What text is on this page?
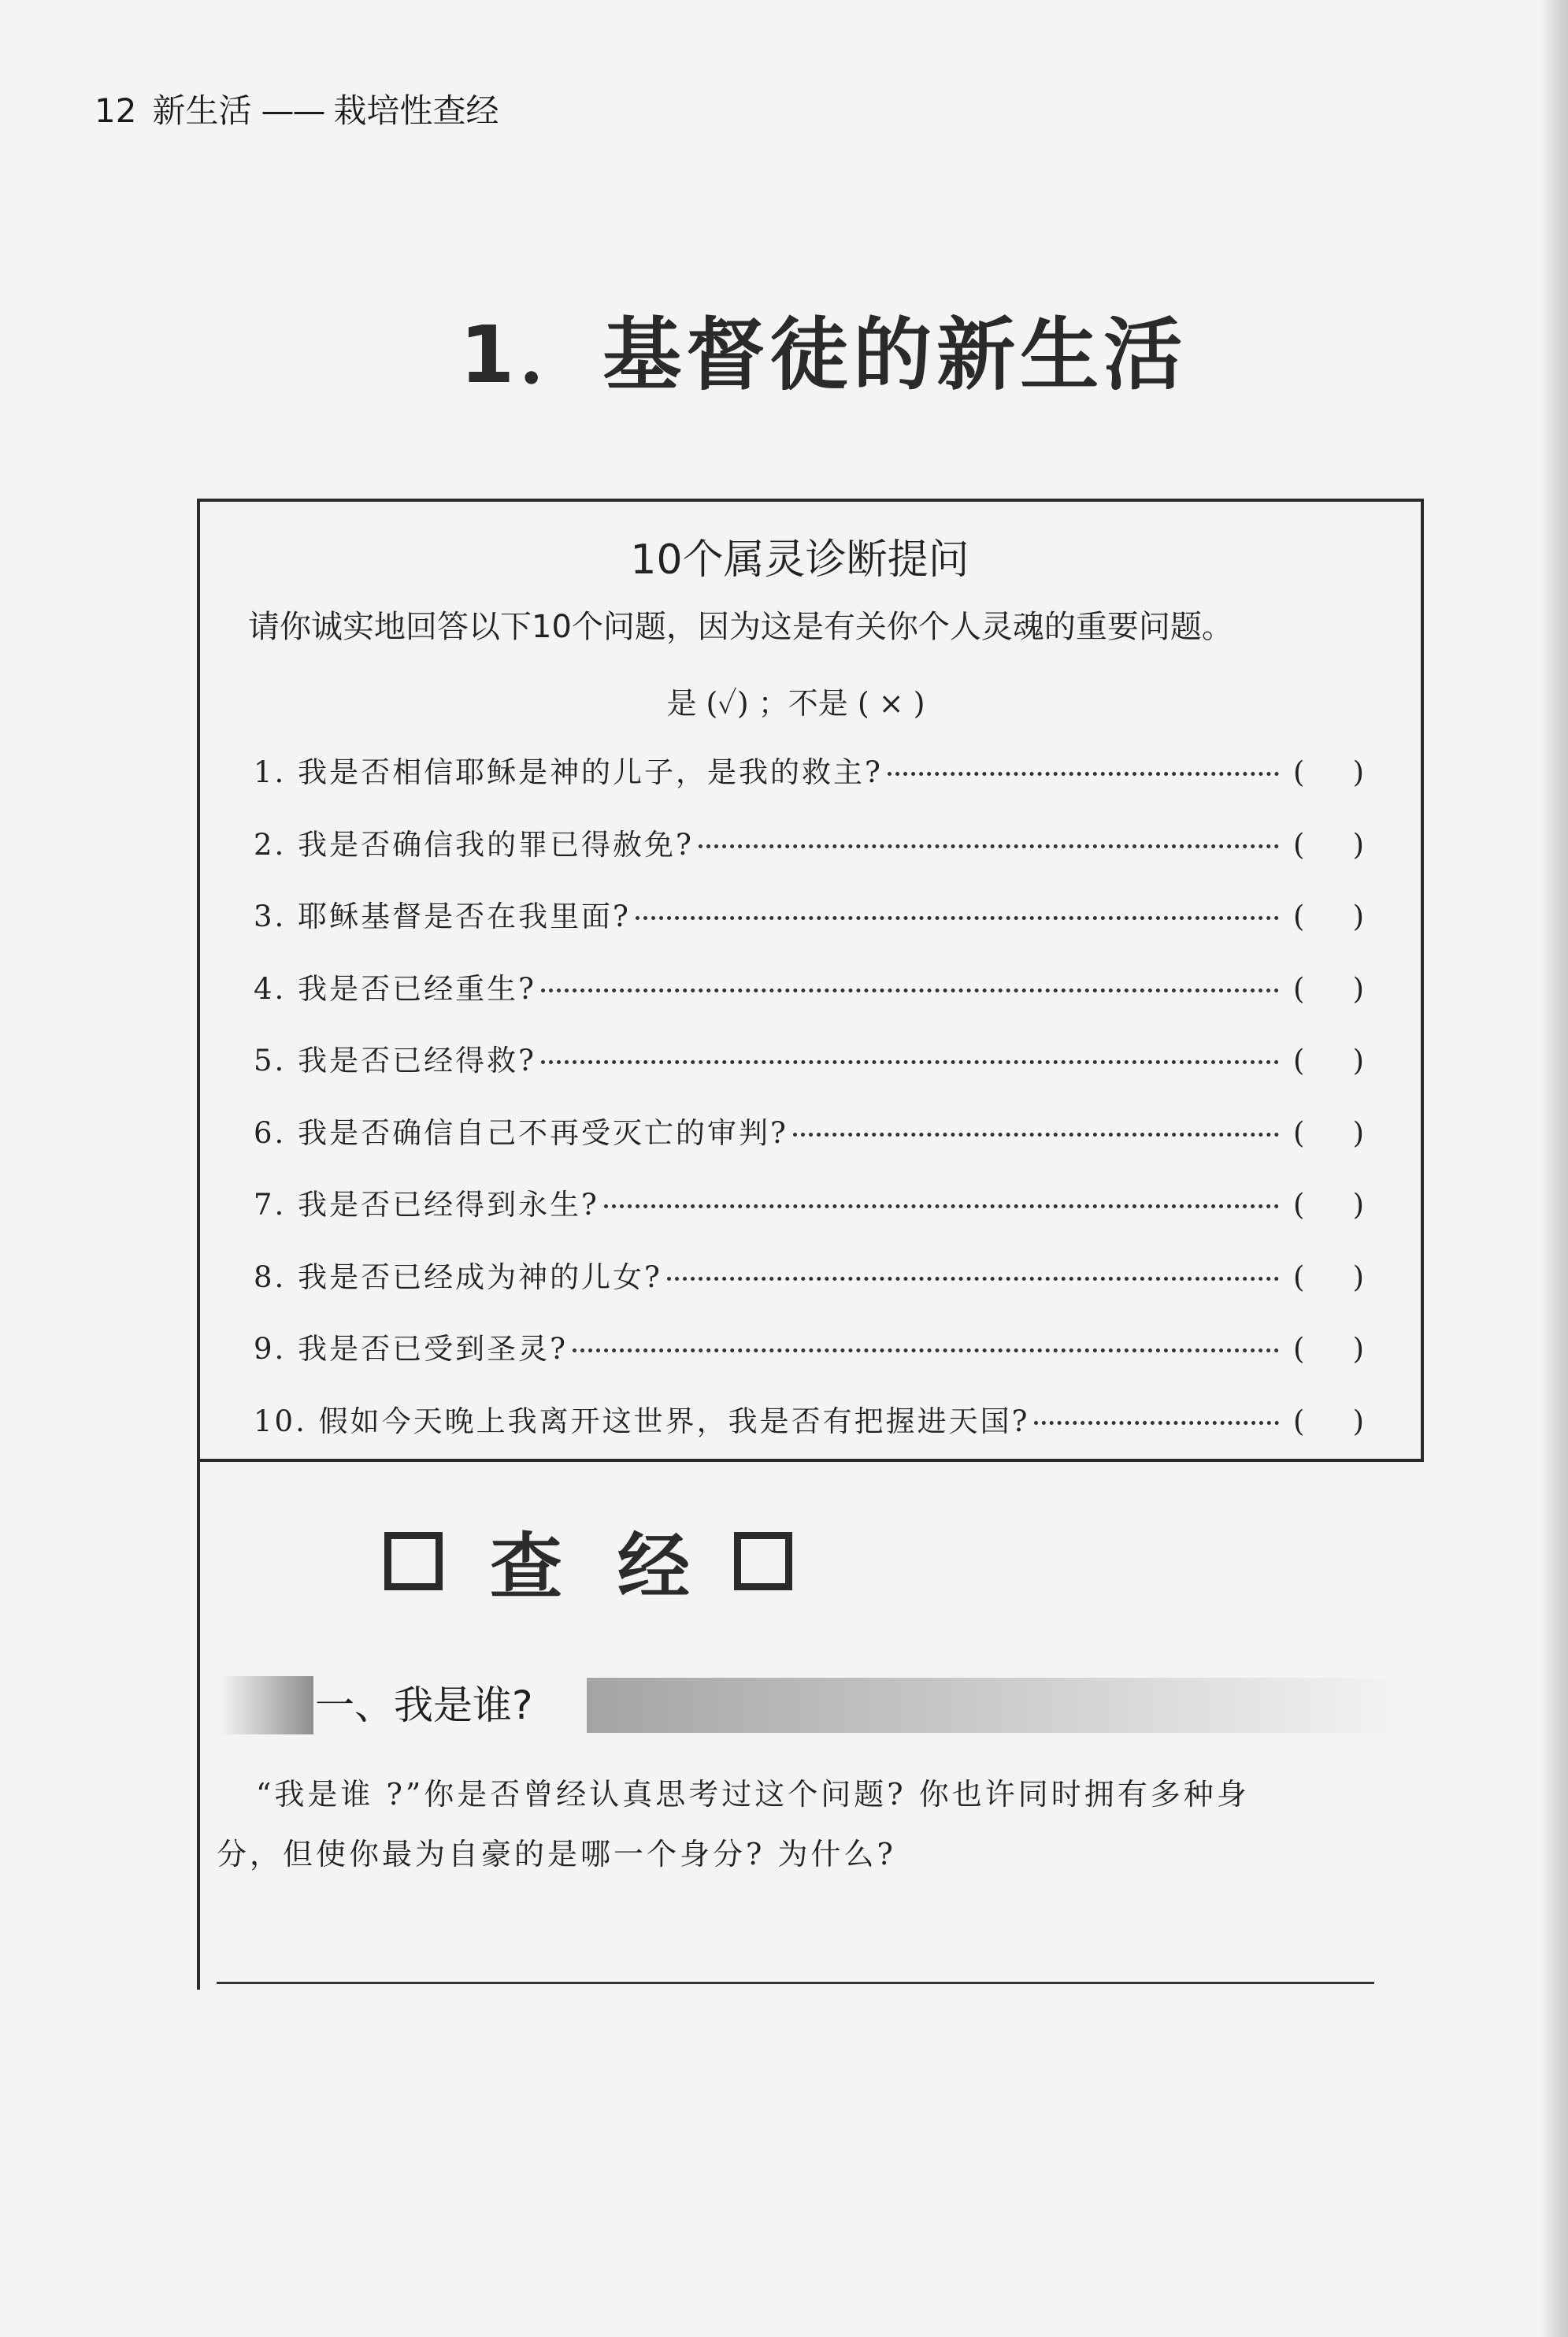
12 新生活 —— 栽培性查经
1．基督徒的新生活
10个属灵诊断提问
请你诚实地回答以下10个问题，因为这是有关你个人灵魂的重要问题。
是 (✓) ；不是 ( × )
1. 我是否相信耶稣是神的儿子，是我的救主?	( )
2. 我是否确信我的罪已得赦免?	( )
3. 耶稣基督是否在我里面?	( )
4. 我是否已经重生?	( )
5. 我是否已经得救?	( )
6. 我是否确信自己不再受灭亡的审判?	( )
7. 我是否已经得到永生?	( )
8. 我是否已经成为神的儿女?	( )
9. 我是否已受到圣灵?	( )
10. 假如今天晚上我离开这世界，我是否有把握进天国?	( )
查 经
一、我是谁?

“我是谁 ?”你是否曾经认真思考过这个问题? 你也许同时拥有多种身
分，但使你最为自豪的是哪一个身分? 为什么?
